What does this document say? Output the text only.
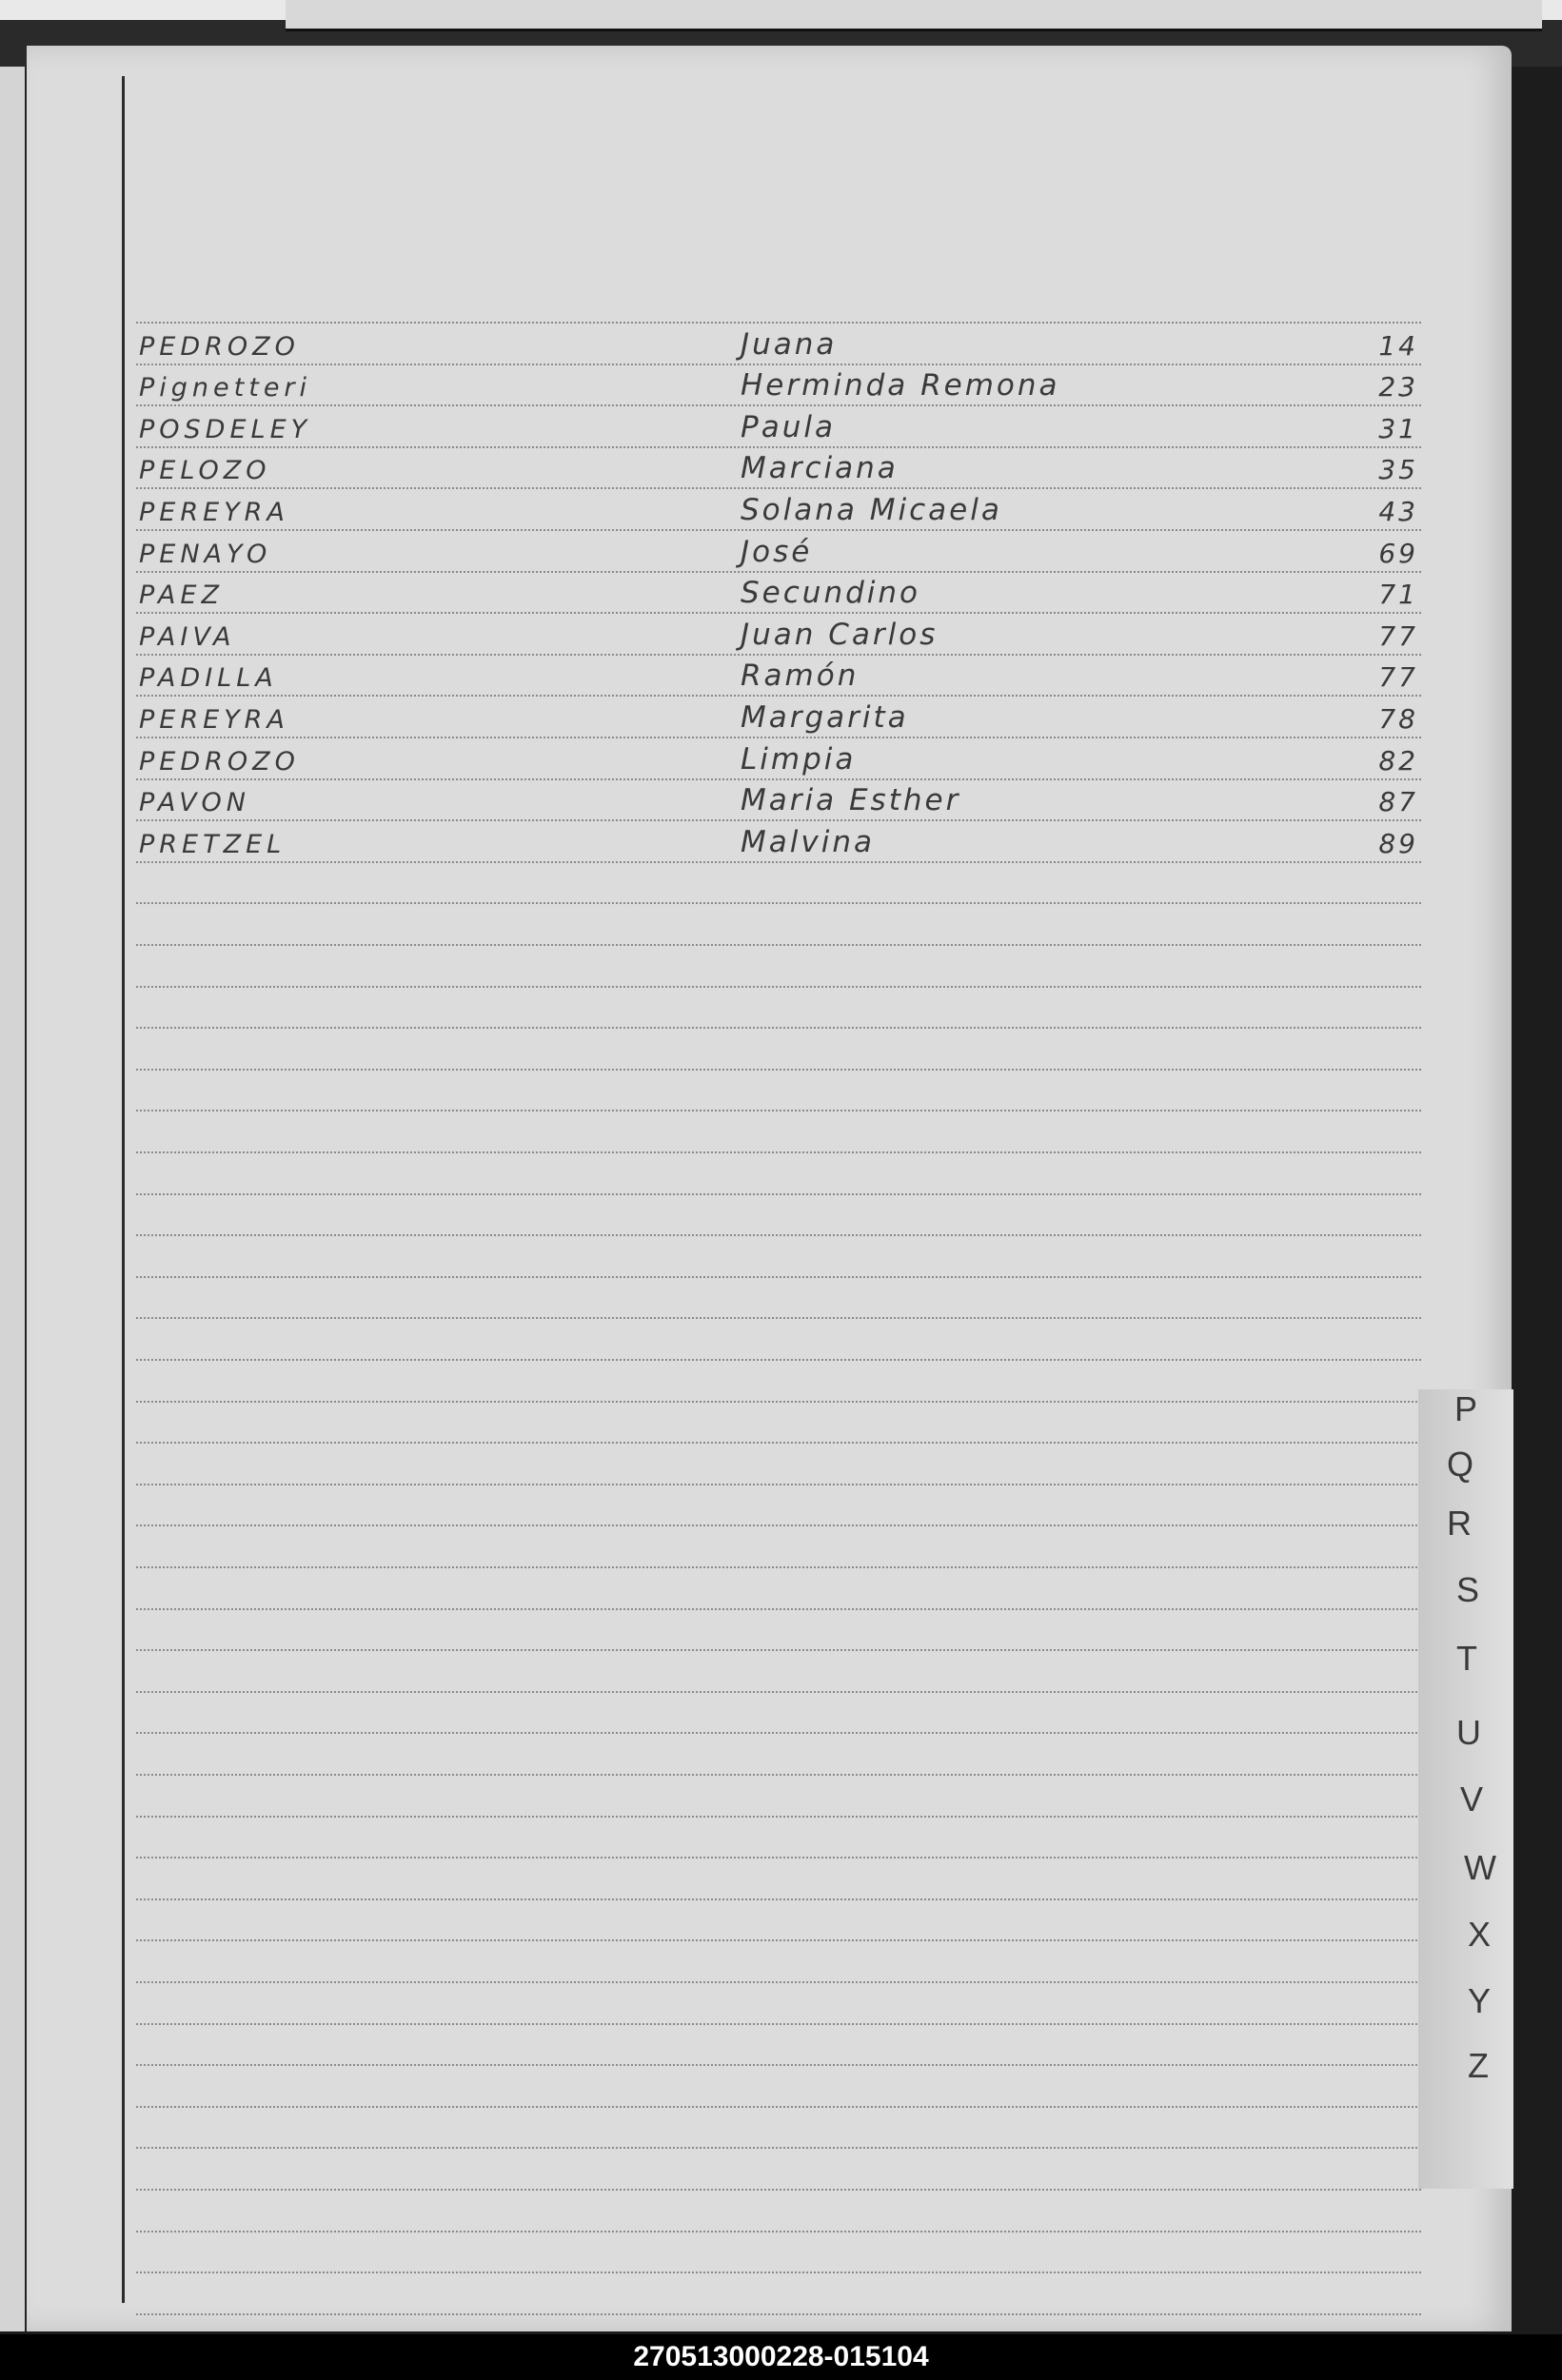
PEDROZO	Juana	14
Pignetteri	Herminda Remona	23
POSDELEY	Paula	31
PELOZO	Marciana	35
PEREYRA	Solana Micaela	43
PENAYO	José	69
PAEZ	Secundino	71
PAIVA	Juan Carlos	77
PADILLA	Ramón	77
PEREYRA	Margarita	78
PEDROZO	Limpia	82
PAVON	Maria Esther	87
PRETZEL	Malvina	89
P
Q
R
S
T
U
V
W
X
Y
Z
270513000228-015104
